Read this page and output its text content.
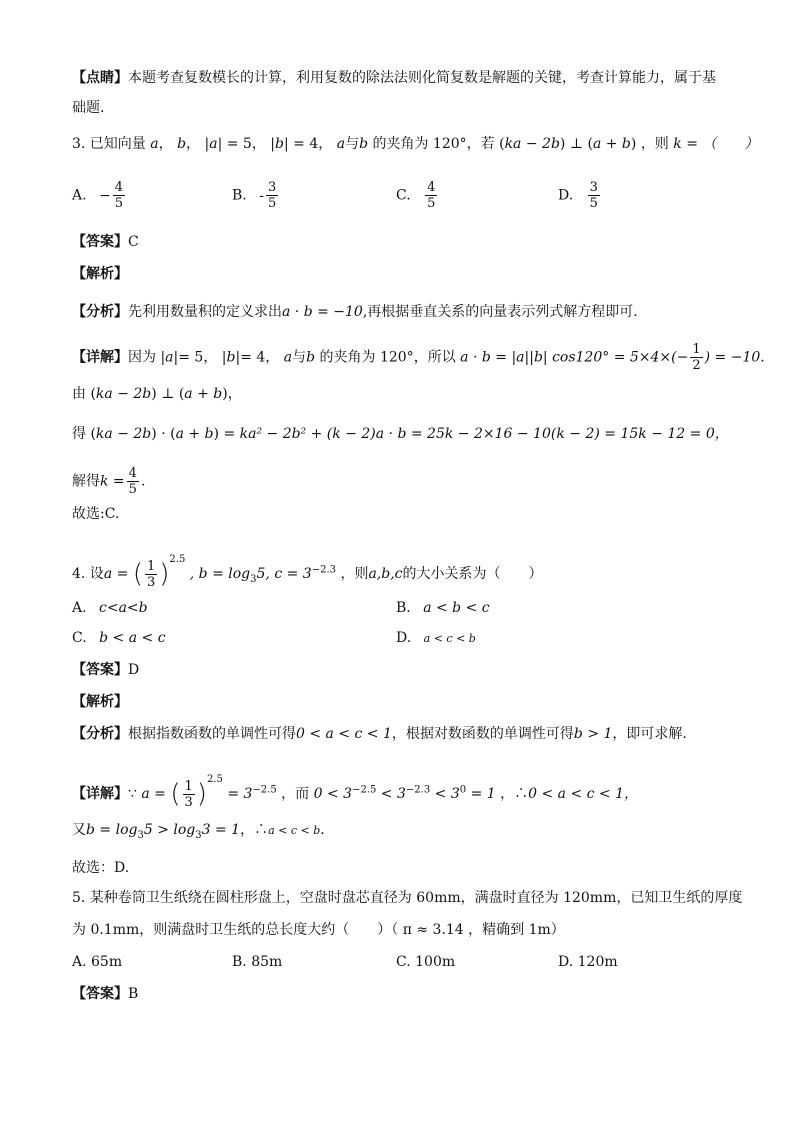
【点睛】本题考查复数模长的计算，利用复数的除法法则化简复数是解题的关键，考查计算能力，属于基
础题.
3. 已知向量 a， b， |a| = 5， |b| = 4， a与b 的夹角为 120°，若 (ka − 2b) ⊥ (a + b) ，则 k = （　　）
A. − $\frac{4}{5}$	B. - $\frac{3}{5}$	C. $\frac{4}{5}$	D. $\frac{3}{5}$
【答案】C
【解析】
【分析】先利用数量积的定义求出a · b = −10,再根据垂直关系的向量表示列式解方程即可.
【详解】因为 |a|= 5， |b|= 4， a与b 的夹角为 120°，所以 a · b = |a||b| $\cos 120^\circ = 5\times 4\times(- \frac{1}{2}$ ) = −10.
由 (ka − 2b) ⊥ (a + b)，
得 (ka − 2b) · (a + b) = ka² − 2b² + (k − 2)a · b = 25k − 2×16 − 10(k − 2) = 15k − 12 = 0，
解得$k = \frac{4}{5}$ .
故选:C.
4. 设a = ( $\frac{1}{3} )^{2.5}$ , $b = \log_35$, $c = 3^{-2.3}$ ，则a,b,c的大小关系为（　　）
A. c<a<b	B. a < b < c
C. b < a < c	D. a < c < b
【答案】D
【解析】
【分析】根据指数函数的单调性可得0 < a < c < 1，根据对数函数的单调性可得b > 1，即可求解.
【详解】∵ a = ( $\frac{1}{3} )^{2.5} = 3^{-2.5}$ ，而 $0 < 3^{-2.5} < 3^{-2.3} < 3^0 = 1$ ，∴0 < a < c < 1，
又$b = \log_35 > \log_33 = 1$，∴a < c < b.
故选：D.
5. 某种卷筒卫生纸绕在圆柱形盘上，空盘时盘芯直径为 60mm，满盘时直径为 120mm，已知卫生纸的厚度
为 0.1mm，则满盘时卫生纸的总长度大约（　　）（ π ≈ 3.14 ，精确到 1m）
A. 65m	B. 85m	C. 100m	D. 120m
【答案】B
